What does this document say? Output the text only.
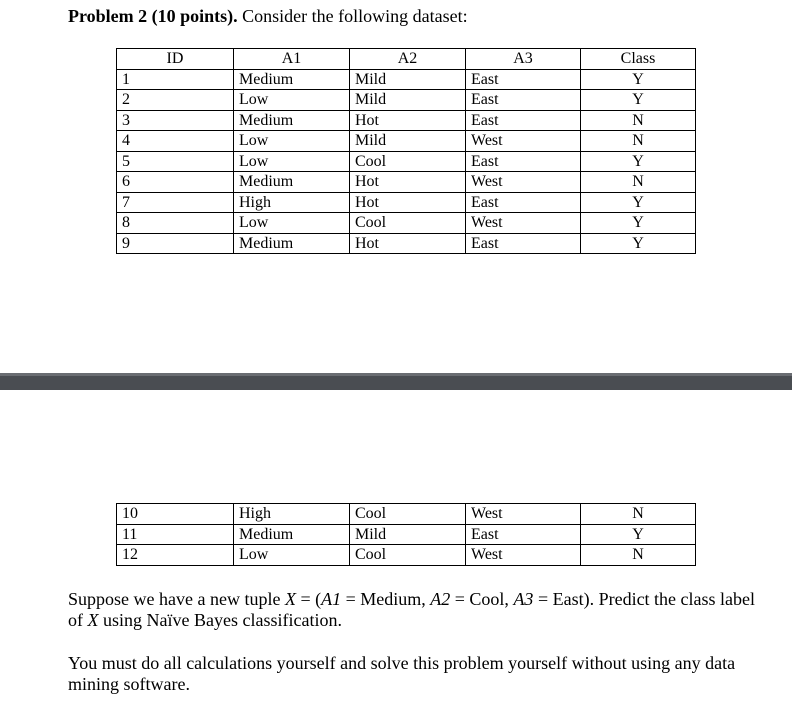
Problem 2 (10 points). Consider the following dataset:
ID	A1	A2	A3	Class
1	Medium	Mild	East	Y
2	Low	Mild	East	Y
3	Medium	Hot	East	N
4	Low	Mild	West	N
5	Low	Cool	East	Y
6	Medium	Hot	West	N
7	High	Hot	East	Y
8	Low	Cool	West	Y
9	Medium	Hot	East	Y
10	High	Cool	West	N
11	Medium	Mild	East	Y
12	Low	Cool	West	N
Suppose we have a new tuple X = (A1 = Medium, A2 = Cool, A3 = East). Predict the class label of X using Naïve Bayes classification.
You must do all calculations yourself and solve this problem yourself without using any data mining software.
